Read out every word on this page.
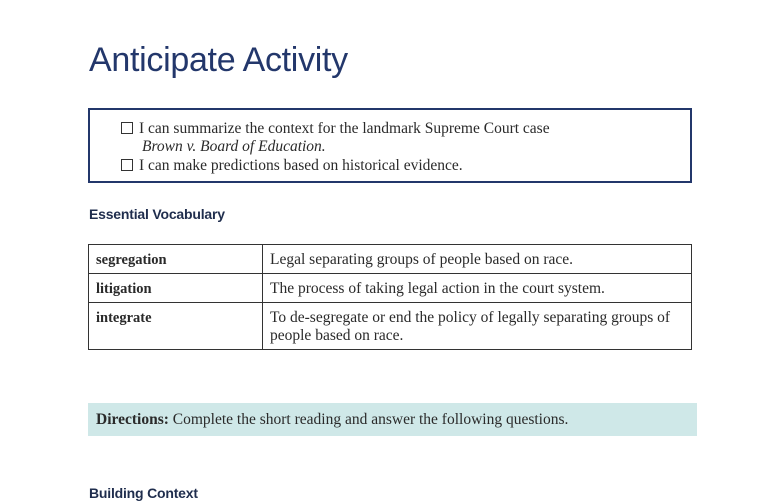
Anticipate Activity
I can summarize the context for the landmark Supreme Court case
Brown v. Board of Education.
I can make predictions based on historical evidence.
Essential Vocabulary
segregation	Legal separating groups of people based on race.
litigation	The process of taking legal action in the court system.
integrate	To de-segregate or end the policy of legally separating groups of people based on race.
Directions: Complete the short reading and answer the following questions.
Building Context
